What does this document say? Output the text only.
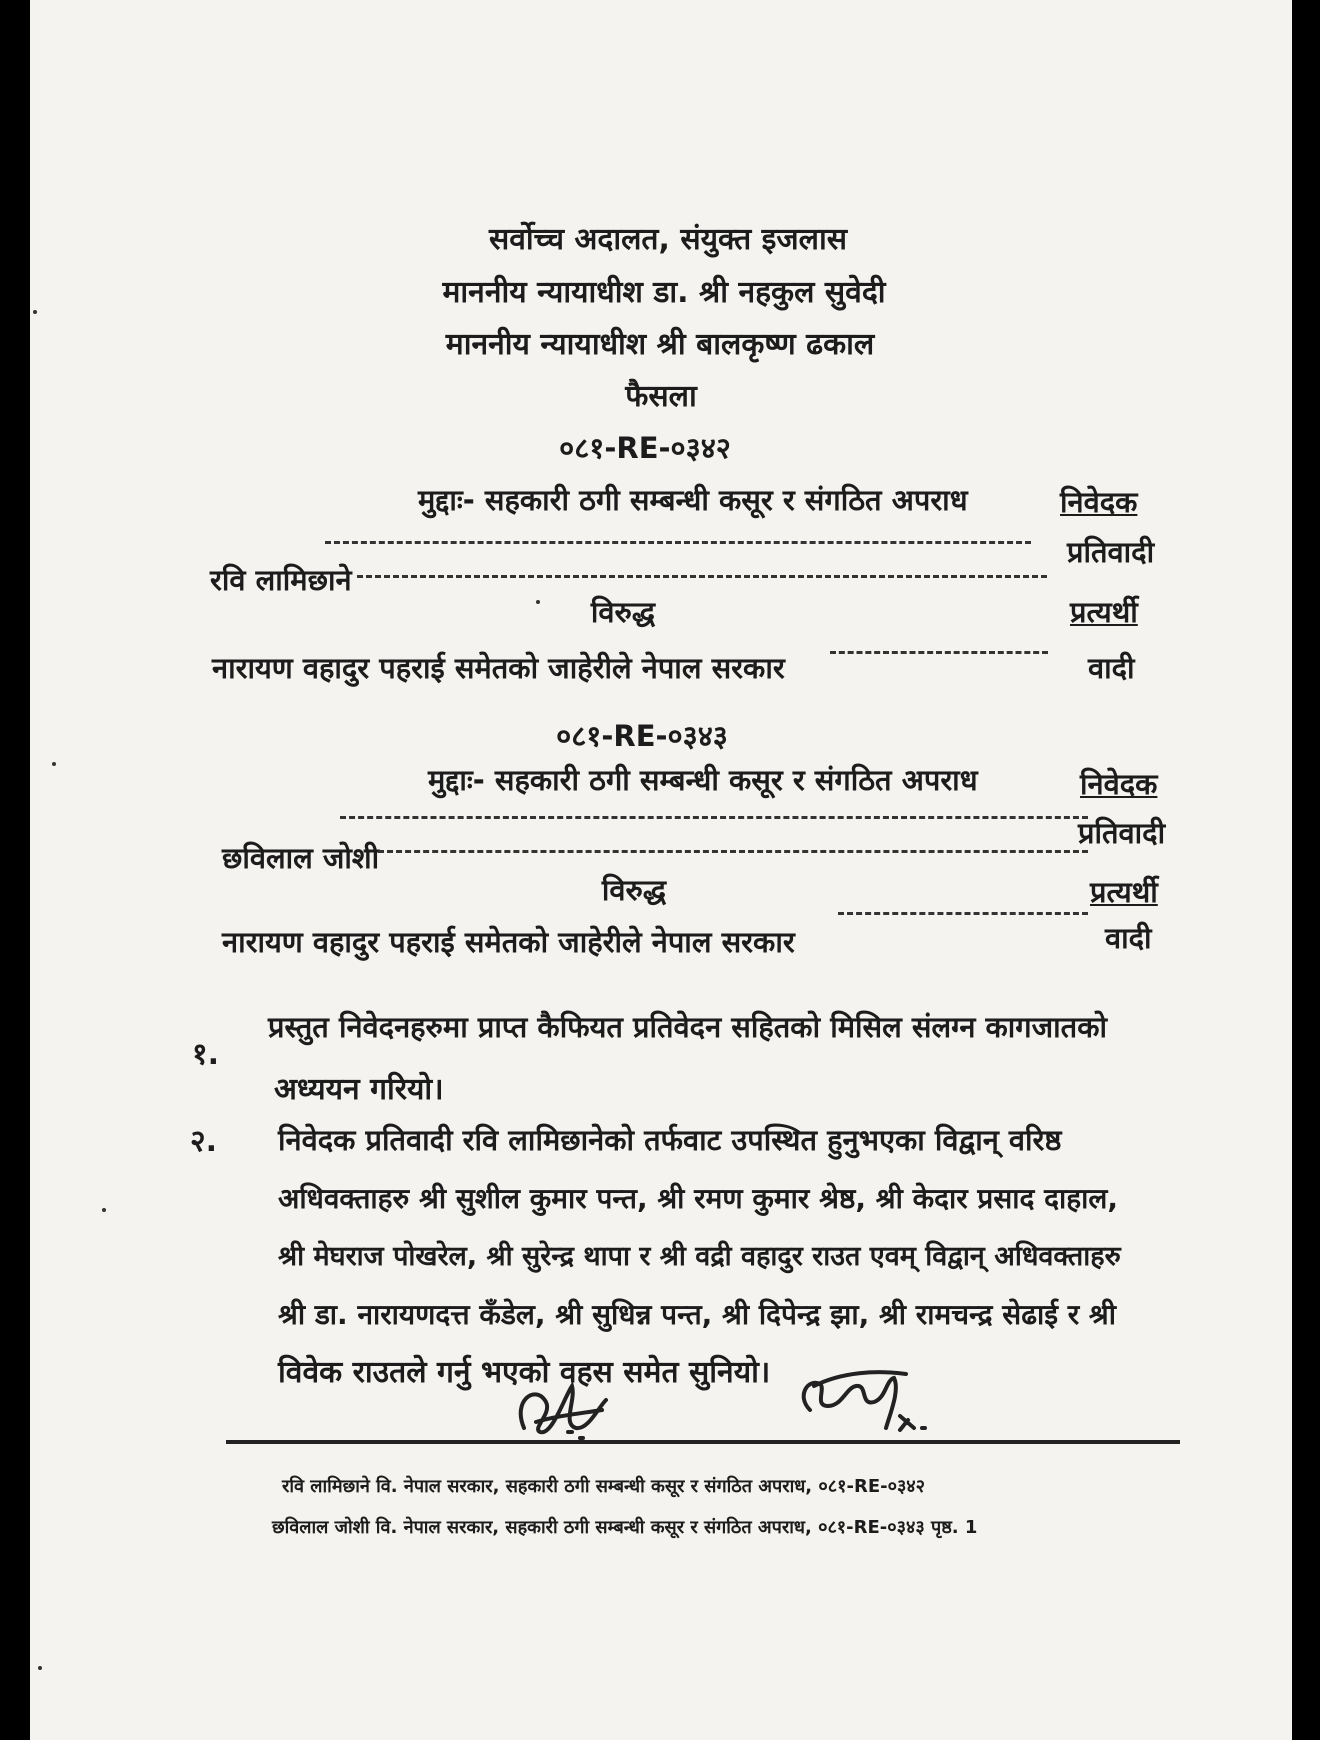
सर्वोच्च अदालत, संयुक्त इजलास
माननीय न्यायाधीश डा. श्री नहकुल सुवेदी
माननीय न्यायाधीश श्री बालकृष्ण ढकाल
फैसला
०८१-RE-०३४२
मुद्दाः- सहकारी ठगी सम्बन्धी कसूर र संगठित अपराध	निवेदक
प्रतिवादी
रवि लामिछाने
विरुद्ध	प्रत्यर्थी
नारायण वहादुर पहराई समेतको जाहेरीले नेपाल सरकार	वादी
०८१-RE-०३४३
मुद्दाः- सहकारी ठगी सम्बन्धी कसूर र संगठित अपराध	निवेदक
प्रतिवादी
छविलाल जोशी
विरुद्ध	प्रत्यर्थी
नारायण वहादुर पहराई समेतको जाहेरीले नेपाल सरकार	वादी
१.
प्रस्तुत निवेदनहरुमा प्राप्त कैफियत प्रतिवेदन सहितको मिसिल संलग्न कागजातको
अध्ययन गरियो।
२. निवेदक प्रतिवादी रवि लामिछानेको तर्फवाट उपस्थित हुनुभएका विद्वान् वरिष्ठ
अधिवक्ताहरु श्री सुशील कुमार पन्त, श्री रमण कुमार श्रेष्ठ, श्री केदार प्रसाद दाहाल,
श्री मेघराज पोखरेल, श्री सुरेन्द्र थापा र श्री वद्री वहादुर राउत एवम् विद्वान् अधिवक्ताहरु
श्री डा. नारायणदत्त कँडेल, श्री सुधिन्न पन्त, श्री दिपेन्द्र झा, श्री रामचन्द्र सेढाई र श्री
विवेक राउतले गर्नु भएको वहस समेत सुनियो।
रवि लामिछाने वि. नेपाल सरकार, सहकारी ठगी सम्बन्धी कसूर र संगठित अपराध, ०८१-RE-०३४२
छविलाल जोशी वि. नेपाल सरकार, सहकारी ठगी सम्बन्धी कसूर र संगठित अपराध, ०८१-RE-०३४३ पृष्ठ. 1
